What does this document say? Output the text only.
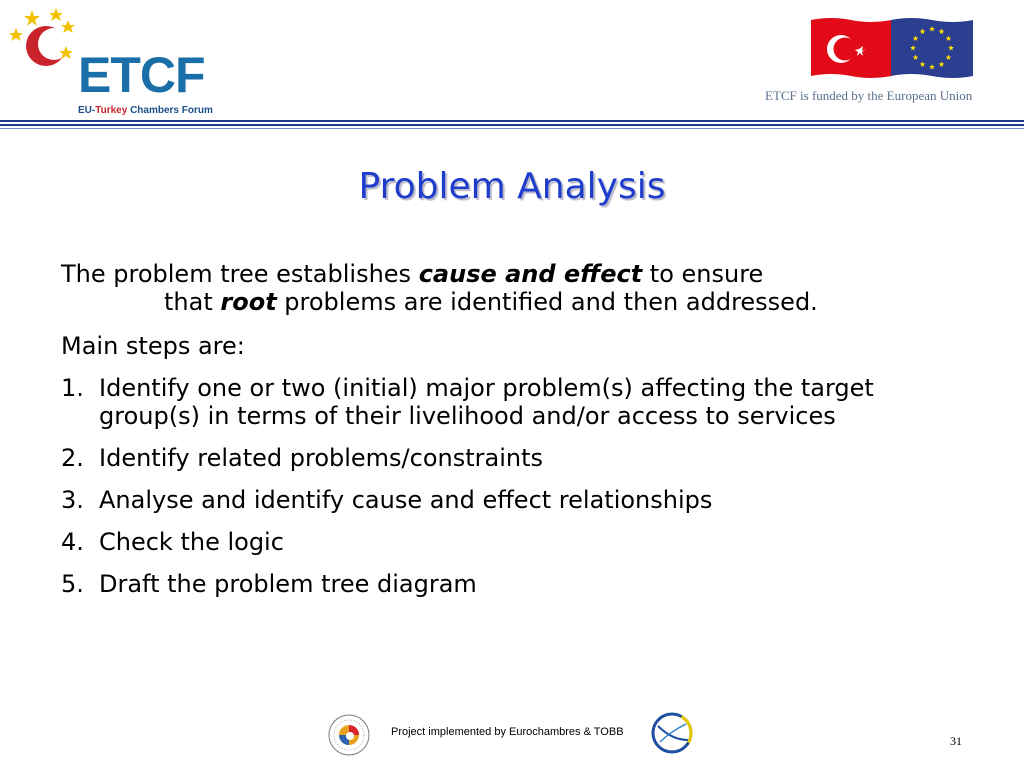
ETCF
EU-Turkey Chambers Forum
ETCF is funded by the European Union
Problem Analysis
The problem tree establishes cause and effect to ensure
that root problems are identified and then addressed.
Main steps are:
1. Identify one or two (initial) major problem(s) affecting the target group(s) in terms of their livelihood and/or access to services
2. Identify related problems/constraints
3. Analyse and identify cause and effect relationships
4. Check the logic
5. Draft the problem tree diagram
Project implemented by Eurochambres & TOBB
31
